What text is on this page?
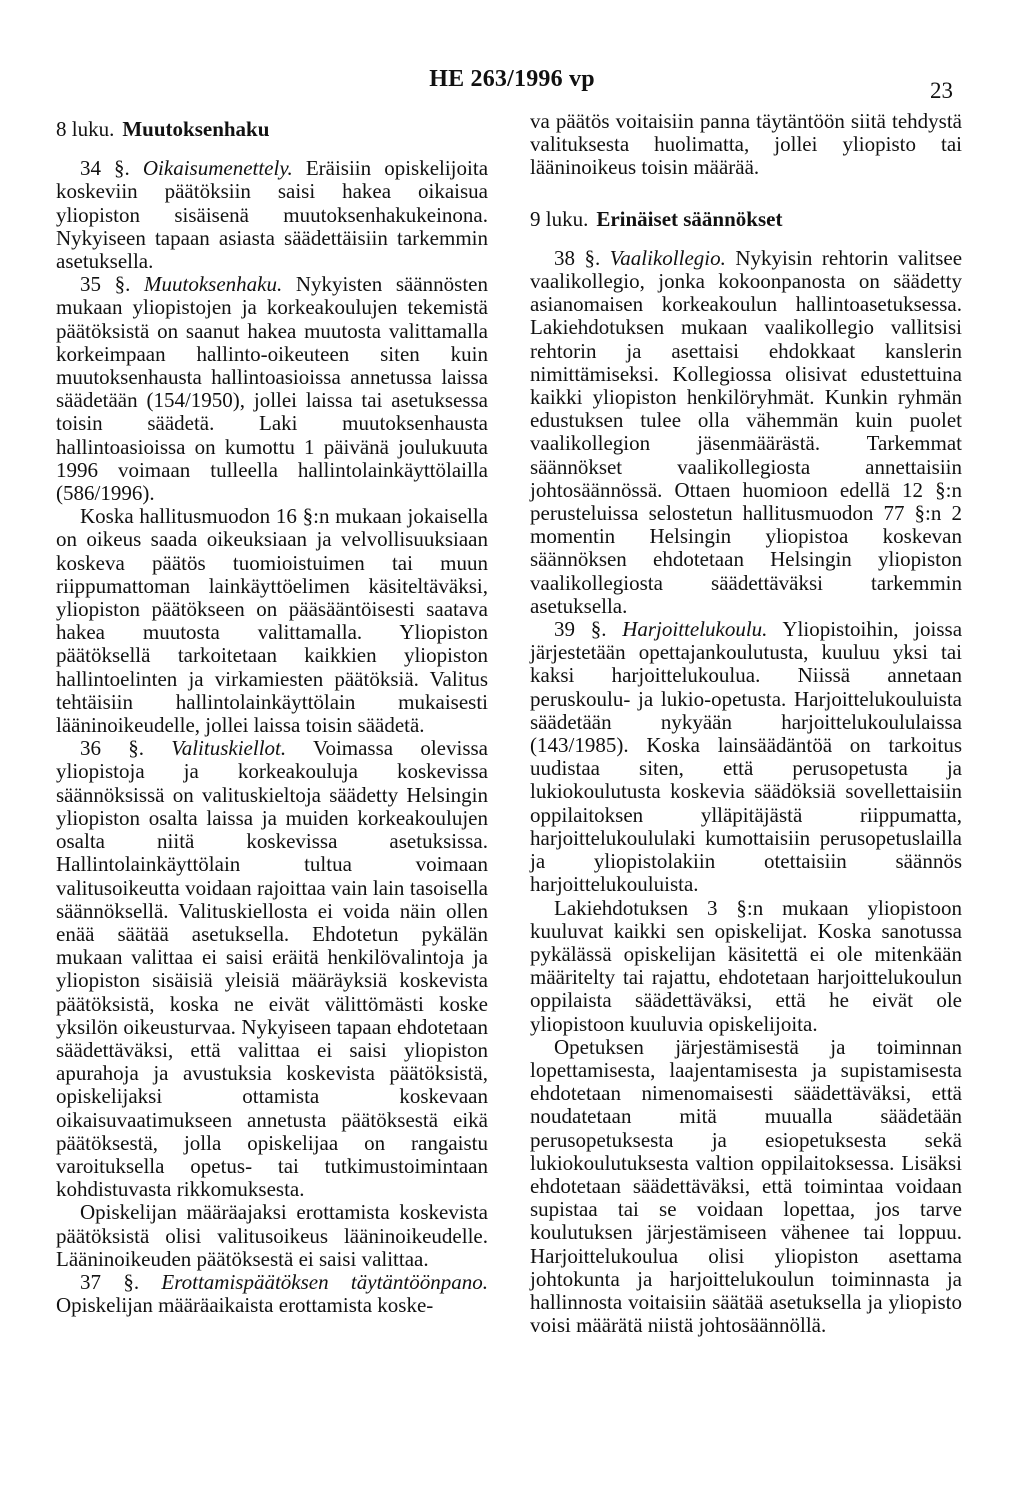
HE 263/1996 vp	23
8 luku. Muutoksenhaku

34 §. Oikaisumenettely. Eräisiin opiskelijoita koskeviin päätöksiin saisi hakea oikaisua yliopiston sisäisenä muutoksenhakukeinona. Nykyiseen tapaan asiasta säädettäisiin tarkemmin asetuksella.

35 §. Muutoksenhaku. Nykyisten säännösten mukaan yliopistojen ja korkeakoulujen tekemistä päätöksistä on saanut hakea muutosta valittamalla korkeimpaan hallinto-oikeuteen siten kuin muutoksenhausta hallintoasioissa annetussa laissa säädetään (154/1950), jollei laissa tai asetuksessa toisin säädetä. Laki muutoksenhausta hallintoasioissa on kumottu 1 päivänä joulukuuta 1996 voimaan tulleella hallintolainkäyttölailla (586/1996).

Koska hallitusmuodon 16 §:n mukaan jokaisella on oikeus saada oikeuksiaan ja velvollisuuksiaan koskeva päätös tuomioistuimen tai muun riippumattoman lainkäyttöelimen käsiteltäväksi, yliopiston päätökseen on pääsääntöisesti saatava hakea muutosta valittamalla. Yliopiston päätöksellä tarkoitetaan kaikkien yliopiston hallintoelinten ja virkamiesten päätöksiä. Valitus tehtäisiin hallintolainkäyttölain mukaisesti lääninoikeudelle, jollei laissa toisin säädetä.

36 §. Valituskiellot. Voimassa olevissa yliopistoja ja korkeakouluja koskevissa säännöksissä on valituskieltoja säädetty Helsingin yliopiston osalta laissa ja muiden korkeakoulujen osalta niitä koskevissa asetuksissa. Hallintolainkäyttölain tultua voimaan valitusoikeutta voidaan rajoittaa vain lain tasoisella säännöksellä. Valituskiellosta ei voida näin ollen enää säätää asetuksella. Ehdotetun pykälän mukaan valittaa ei saisi eräitä henkilövalintoja ja yliopiston sisäisiä yleisiä määräyksiä koskevista päätöksistä, koska ne eivät välittömästi koske yksilön oikeusturvaa. Nykyiseen tapaan ehdotetaan säädettäväksi, että valittaa ei saisi yliopiston apurahoja ja avustuksia koskevista päätöksistä, opiskelijaksi ottamista koskevaan oikaisuvaatimukseen annetusta päätöksestä eikä päätöksestä, jolla opiskelijaa on rangaistu varoituksella opetus- tai tutkimustoimintaan kohdistuvasta rikkomuksesta.

Opiskelijan määräajaksi erottamista koskevista päätöksistä olisi valitusoikeus lääninoikeudelle. Lääninoikeuden päätöksestä ei saisi valittaa.

37 §. Erottamispäätöksen täytäntöönpano. Opiskelijan määräaikaista erottamista koske-

va päätös voitaisiin panna täytäntöön siitä tehdystä valituksesta huolimatta, jollei yliopisto tai lääninoikeus toisin määrää.

9 luku. Erinäiset säännökset

38 §. Vaalikollegio. Nykyisin rehtorin valitsee vaalikollegio, jonka kokoonpanosta on säädetty asianomaisen korkeakoulun hallintoasetuksessa. Lakiehdotuksen mukaan vaalikollegio vallitsisi rehtorin ja asettaisi ehdokkaat kanslerin nimittämiseksi. Kollegiossa olisivat edustettuina kaikki yliopiston henkilöryhmät. Kunkin ryhmän edustuksen tulee olla vähemmän kuin puolet vaalikollegion jäsenmäärästä. Tarkemmat säännökset vaalikollegiosta annettaisiin johtosäännössä. Ottaen huomioon edellä 12 §:n perusteluissa selostetun hallitusmuodon 77 §:n 2 momentin Helsingin yliopistoa koskevan säännöksen ehdotetaan Helsingin yliopiston vaalikollegiosta säädettäväksi tarkemmin asetuksella.

39 §. Harjoittelukoulu. Yliopistoihin, joissa järjestetään opettajankoulutusta, kuuluu yksi tai kaksi harjoittelukoulua. Niissä annetaan peruskoulu- ja lukio-opetusta. Harjoittelukouluista säädetään nykyään harjoittelukoululaissa (143/1985). Koska lainsäädäntöä on tarkoitus uudistaa siten, että perusopetusta ja lukiokoulutusta koskevia säädöksiä sovellettaisiin oppilaitoksen ylläpitäjästä riippumatta, harjoittelukoululaki kumottaisiin perusopetuslailla ja yliopistolakiin otettaisiin säännös harjoittelukouluista.

Lakiehdotuksen 3 §:n mukaan yliopistoon kuuluvat kaikki sen opiskelijat. Koska sanotussa pykälässä opiskelijan käsitettä ei ole mitenkään määritelty tai rajattu, ehdotetaan harjoittelukoulun oppilaista säädettäväksi, että he eivät ole yliopistoon kuuluvia opiskelijoita.

Opetuksen järjestämisestä ja toiminnan lopettamisesta, laajentamisesta ja supistamisesta ehdotetaan nimenomaisesti säädettäväksi, että noudatetaan mitä muualla säädetään perusopetuksesta ja esiopetuksesta sekä lukiokoulutuksesta valtion oppilaitoksessa. Lisäksi ehdotetaan säädettäväksi, että toimintaa voidaan supistaa tai se voidaan lopettaa, jos tarve koulutuksen järjestämiseen vähenee tai loppuu. Harjoittelukoulua olisi yliopiston asettama johtokunta ja harjoittelukoulun toiminnasta ja hallinnosta voitaisiin säätää asetuksella ja yliopisto voisi määrätä niistä johtosäännöllä.
